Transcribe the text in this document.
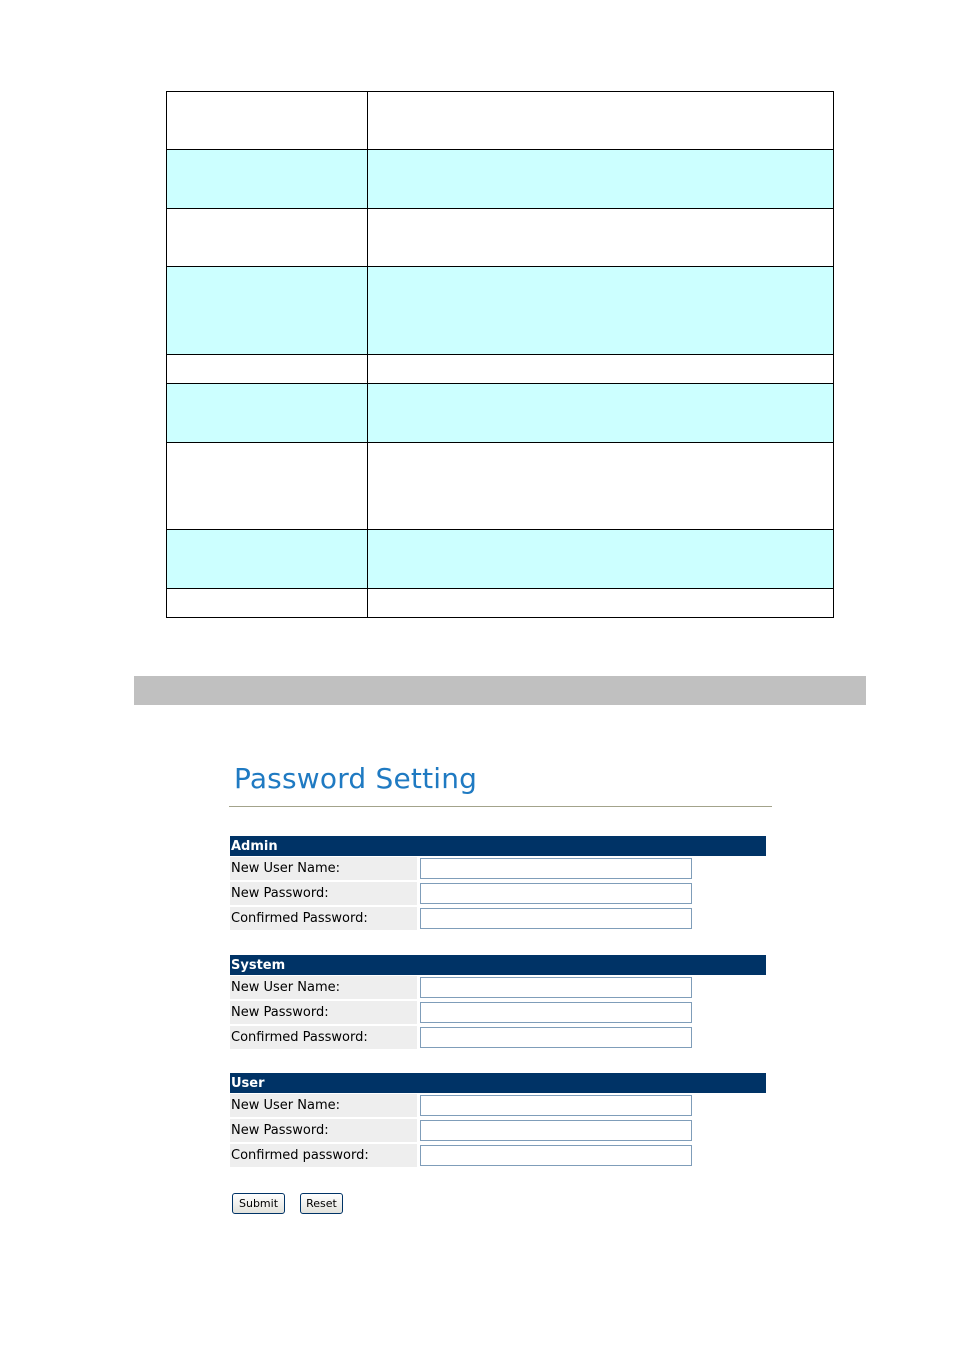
Password Setting
Admin
New User Name:
New Password:
Confirmed Password:
System
New User Name:
New Password:
Confirmed Password:
User
New User Name:
New Password:
Confirmed password:
Submit	Reset
